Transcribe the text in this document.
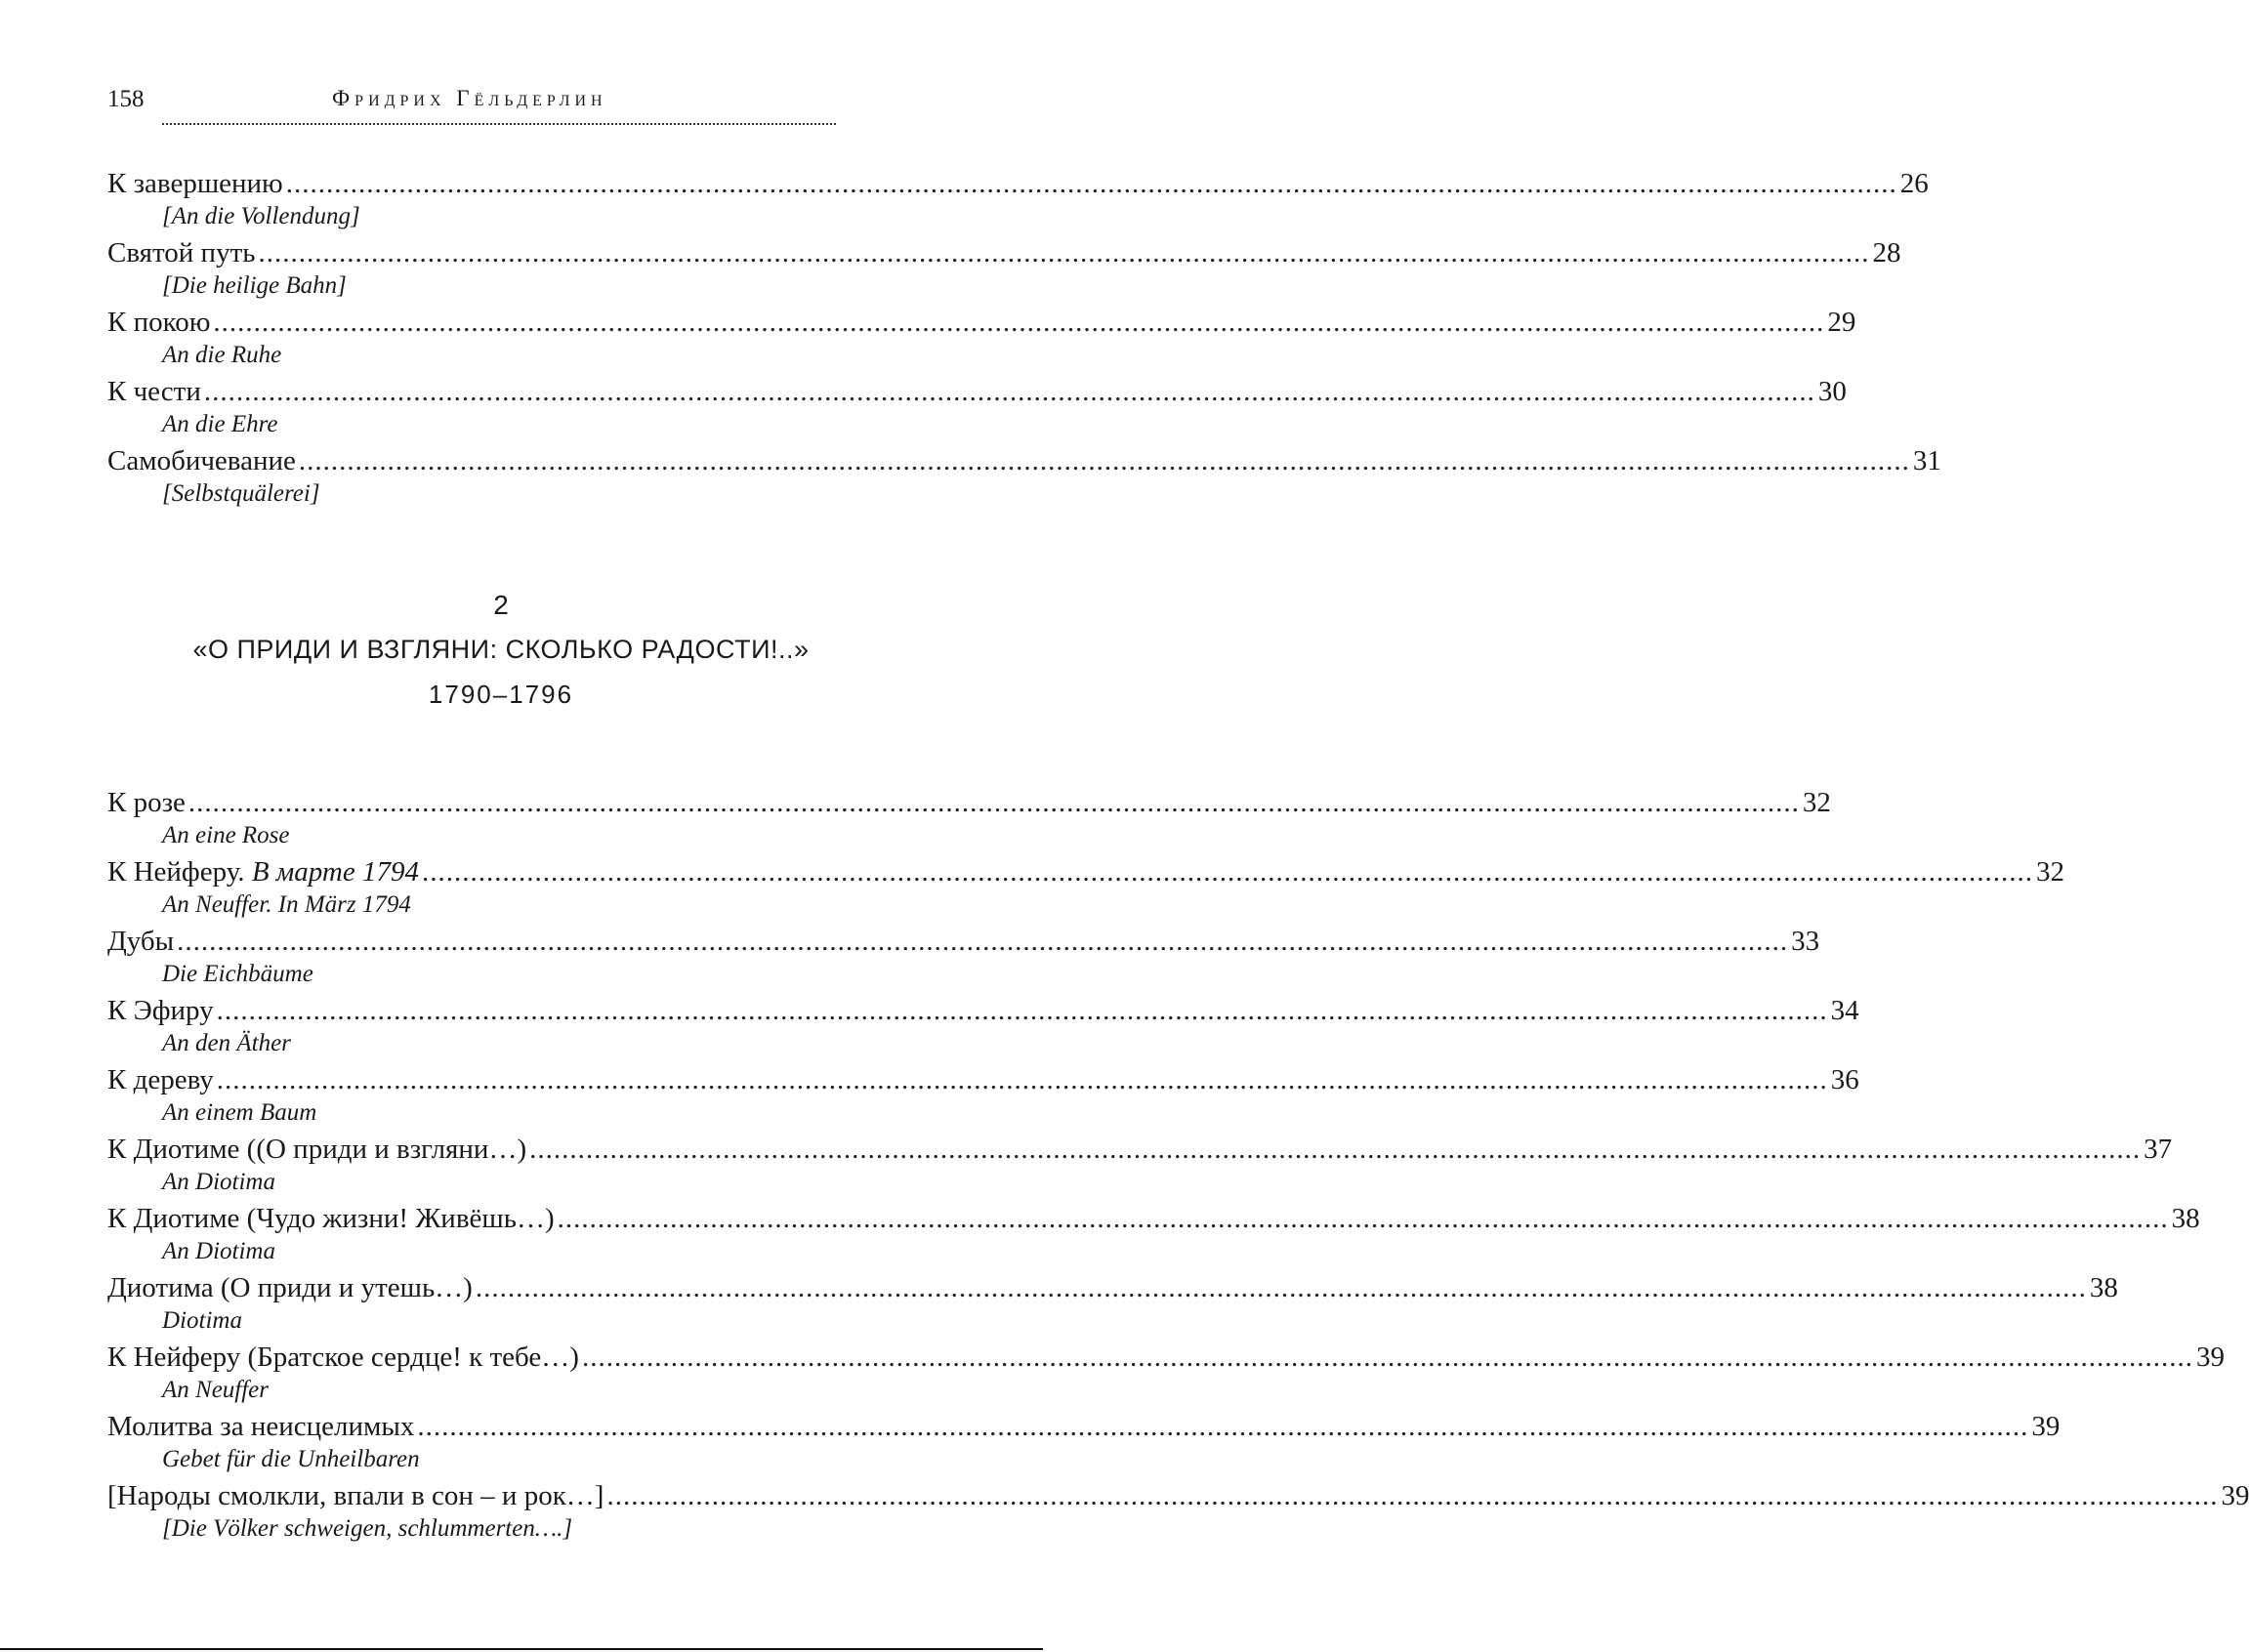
158	Фридрих Гёльдерлин
К завершению ........................................................................................................................................................................................................ 26
[An die Vollendung]
Святой путь ........................................................................................................................................................................................................ 28
[Die heilige Bahn]
К покою ........................................................................................................................................................................................................ 29
An die Ruhe
К чести ........................................................................................................................................................................................................ 30
An die Ehre
Самобичевание ........................................................................................................................................................................................................ 31
[Selbstquälerei]
2
«О ПРИДИ И ВЗГЛЯНИ: СКОЛЬКО РАДОСТИ!..»
1790–1796
К розе ........................................................................................................................................................................................................ 32
An eine Rose
К Нейферу. В марте 1794 ........................................................................................................................................................................................................ 32
An Neuffer. In März 1794
Дубы ........................................................................................................................................................................................................ 33
Die Eichbäume
К Эфиру ........................................................................................................................................................................................................ 34
An den Äther
К дереву ........................................................................................................................................................................................................ 36
An einem Baum
К Диотиме ((О приди и взгляни…) ........................................................................................................................................................................................................ 37
An Diotima
К Диотиме (Чудо жизни! Живёшь…) ........................................................................................................................................................................................................ 38
An Diotima
Диотима (О приди и утешь…) ........................................................................................................................................................................................................ 38
Diotima
К Нейферу (Братское сердце! к тебе…) ........................................................................................................................................................................................................ 39
An Neuffer
Молитва за неисцелимых ........................................................................................................................................................................................................ 39
Gebet für die Unheilbaren
[Народы смолкли, впали в сон – и рок…] ........................................................................................................................................................................................................ 39
[Die Völker schweigen, schlummerten….]
